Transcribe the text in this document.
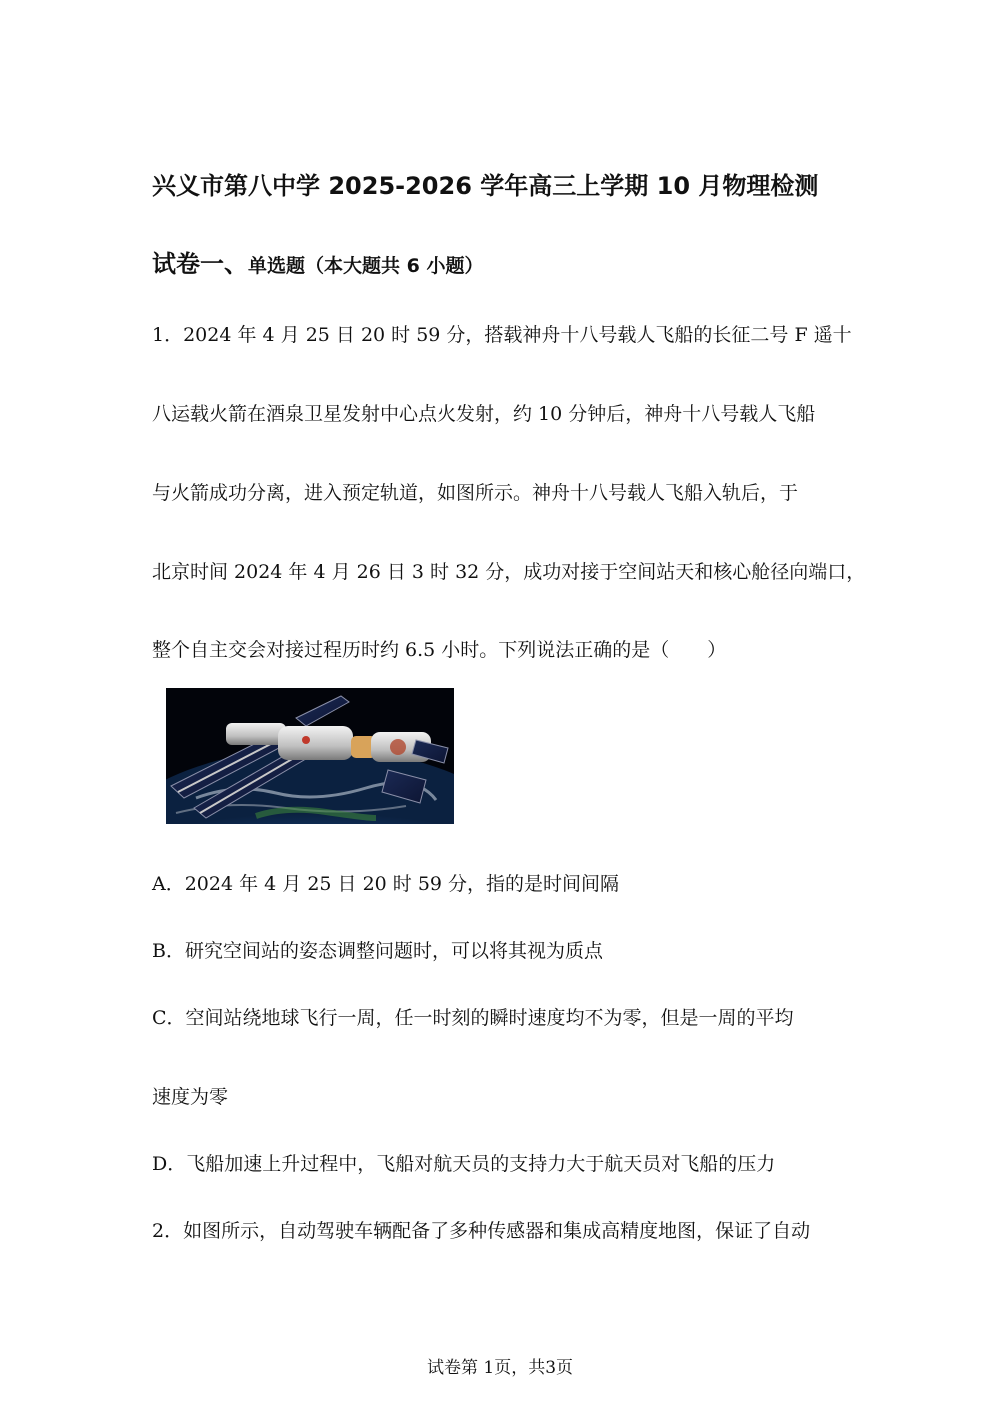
兴义市第八中学 2025-2026 学年高三上学期 10 月物理检测
试卷一、单选题（本大题共 6 小题）
1．2024 年 4 月 25 日 20 时 59 分，搭载神舟十八号载人飞船的长征二号 F 遥十
八运载火箭在酒泉卫星发射中心点火发射，约 10 分钟后，神舟十八号载人飞船
与火箭成功分离，进入预定轨道，如图所示。神舟十八号载人飞船入轨后，于
北京时间 2024 年 4 月 26 日 3 时 32 分，成功对接于空间站天和核心舱径向端口，
整个自主交会对接过程历时约 6.5 小时。下列说法正确的是（　　）
A．2024 年 4 月 25 日 20 时 59 分，指的是时间间隔
B．研究空间站的姿态调整问题时，可以将其视为质点
C．空间站绕地球飞行一周，任一时刻的瞬时速度均不为零，但是一周的平均
速度为零
D．飞船加速上升过程中，飞船对航天员的支持力大于航天员对飞船的压力
2．如图所示，自动驾驶车辆配备了多种传感器和集成高精度地图，保证了自动
试卷第 1页，共3页
